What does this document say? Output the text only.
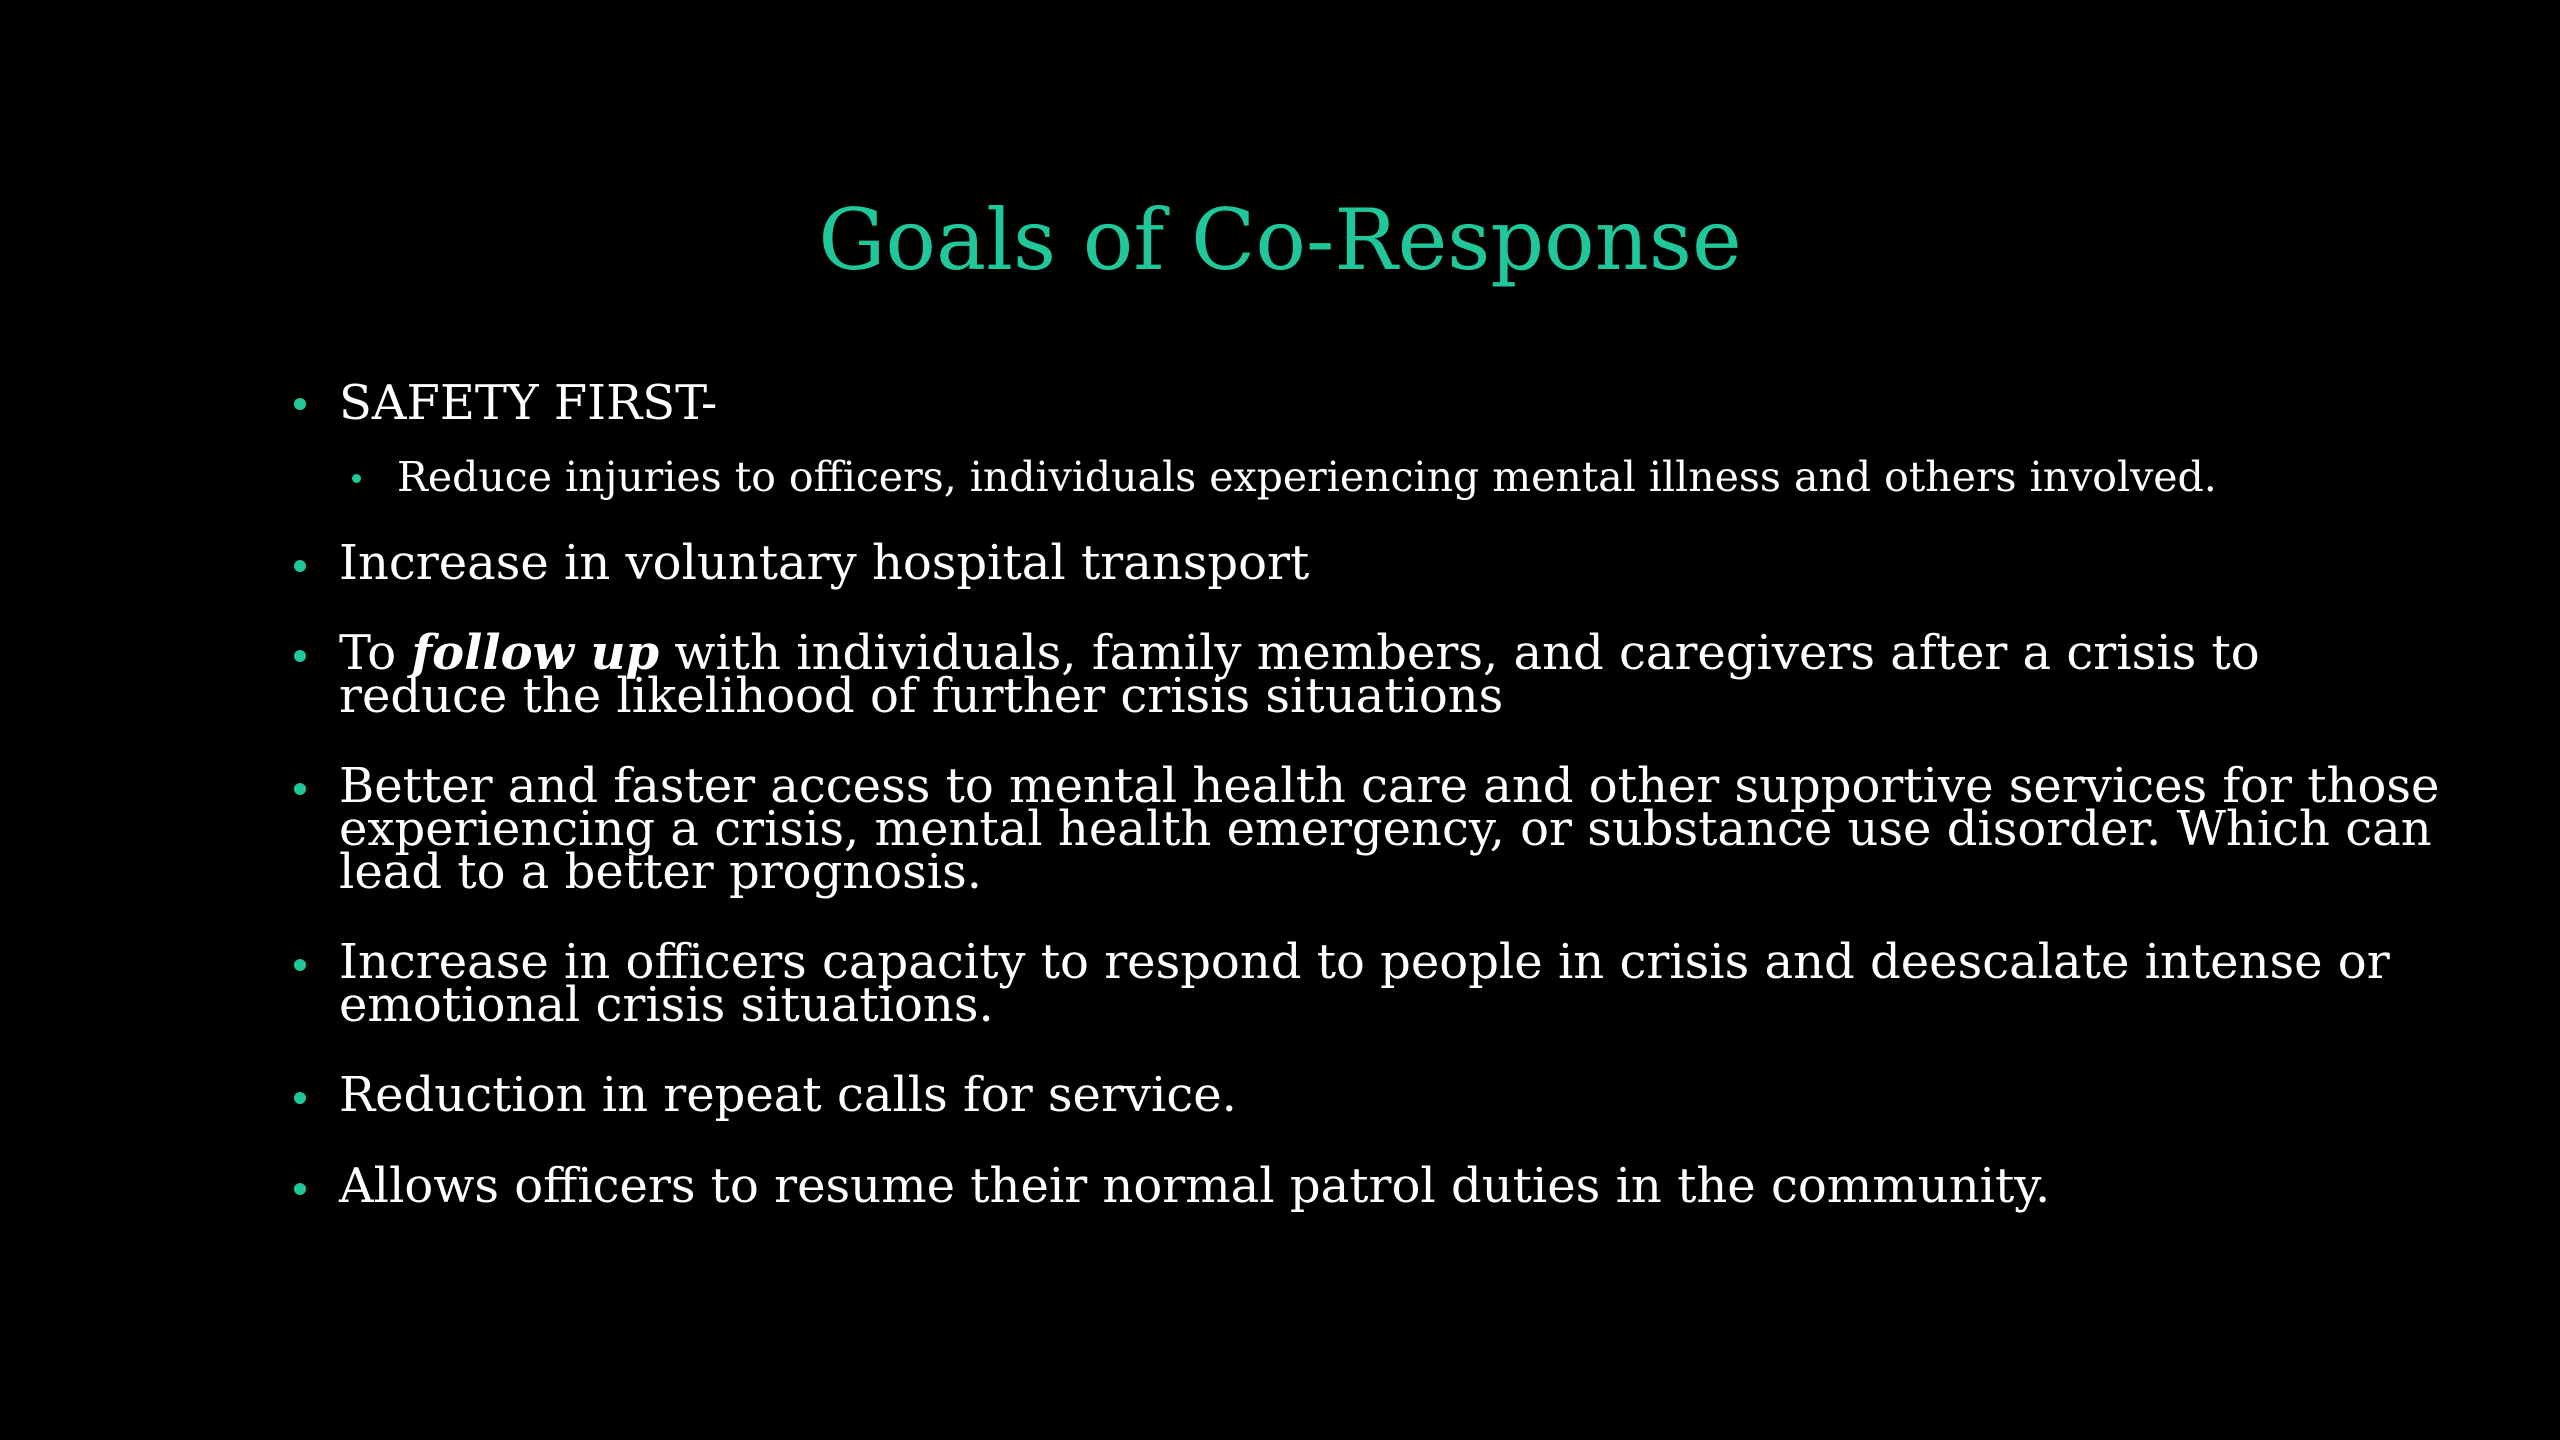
Goals of Co-Response
SAFETY FIRST-
Reduce injuries to officers, individuals experiencing mental illness and others involved.
Increase in voluntary hospital transport
To follow up with individuals, family members, and caregivers after a crisis to
reduce the likelihood of further crisis situations
Better and faster access to mental health care and other supportive services for those
experiencing a crisis, mental health emergency, or substance use disorder. Which can
lead to a better prognosis.
Increase in officers capacity to respond to people in crisis and deescalate intense or
emotional crisis situations.
Reduction in repeat calls for service.
Allows officers to resume their normal patrol duties in the community.
